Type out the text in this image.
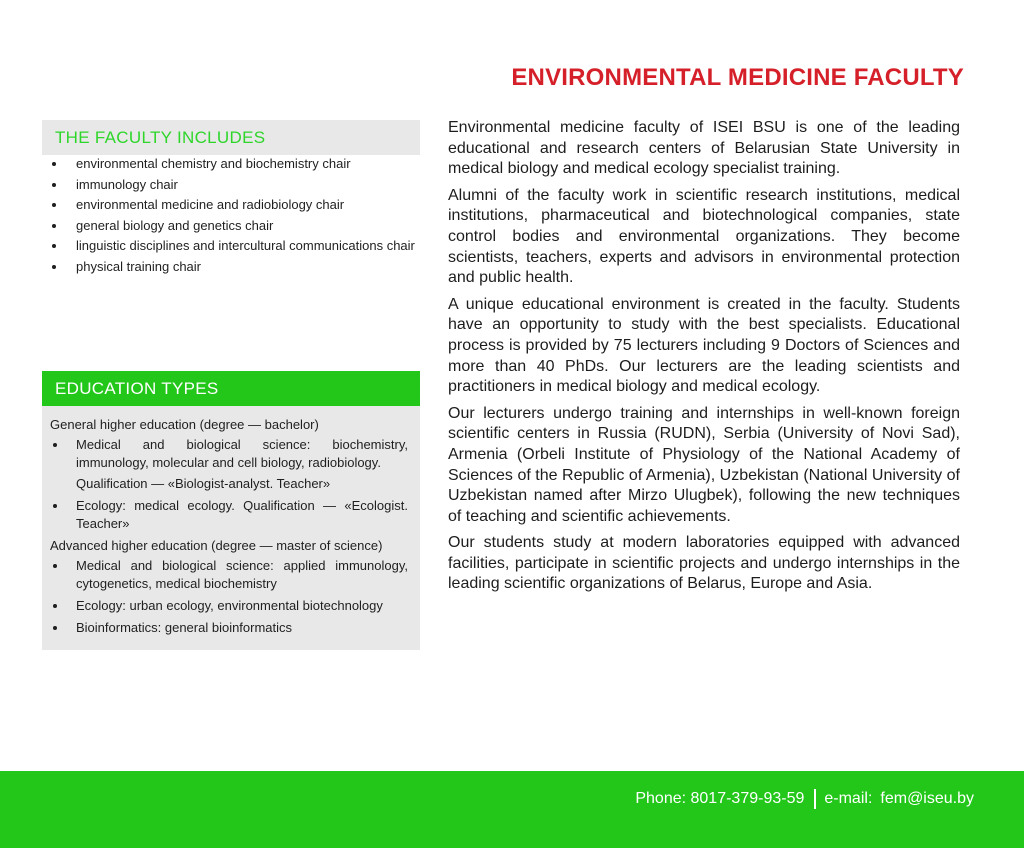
ENVIRONMENTAL MEDICINE FACULTY
THE FACULTY INCLUDES
environmental chemistry and biochemistry chair
immunology chair
environmental medicine and radiobiology chair
general biology and genetics chair
linguistic disciplines and intercultural communications chair
physical training chair
EDUCATION TYPES
General higher education (degree — bachelor)
Medical and biological science: biochemistry, immunology, molecular and cell biology, radiobiology.
Qualification — «Biologist-analyst. Teacher»
Ecology: medical ecology. Qualification — «Ecologist. Teacher»
Advanced higher education (degree — master of science)
Medical and biological science: applied immunology, cytogenetics, medical biochemistry
Ecology: urban ecology, environmental biotechnology
Bioinformatics: general bioinformatics

Environmental medicine faculty of ISEI BSU is one of the leading educational and research centers of Belarusian State University in medical biology and medical ecology specialist training.

Alumni of the faculty work in scientific research institutions, medical institutions, pharmaceutical and biotechnological companies, state control bodies and environmental organizations. They become scientists, teachers, experts and advisors in environmental protection and public health.

A unique educational environment is created in the faculty. Students have an opportunity to study with the best specialists. Educational process is provided by 75 lecturers including 9 Doctors of Sciences and more than 40 PhDs. Our lecturers are the leading scientists and practitioners in medical biology and medical ecology.

Our lecturers undergo training and internships in well-known foreign scientific centers in Russia (RUDN), Serbia (University of Novi Sad), Armenia (Orbeli Institute of Physiology of the National Academy of Sciences of the Republic of Armenia), Uzbekistan (National University of Uzbekistan named after Mirzo Ulugbek), following the new techniques of teaching and scientific achievements.

Our students study at modern laboratories equipped with advanced facilities, participate in scientific projects and undergo internships in the leading scientific organizations of Belarus, Europe and Asia.

Phone: 8017-379-93-59 e-mail: fem@iseu.by
